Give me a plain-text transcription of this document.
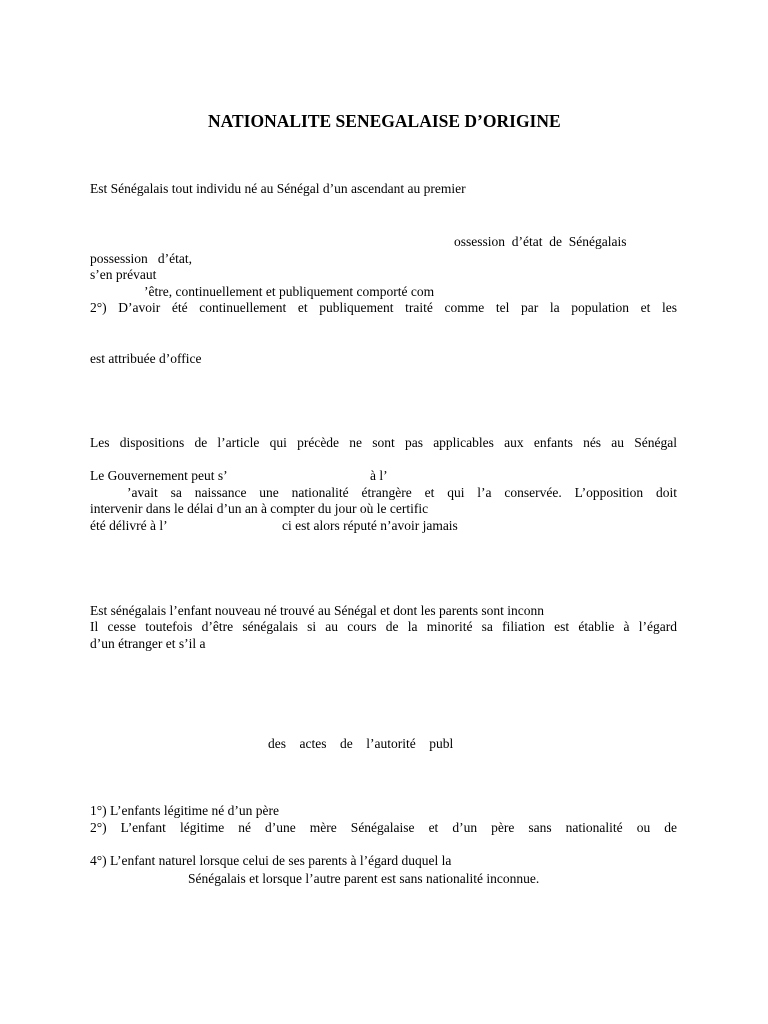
NATIONALITE SENEGALAISE D’ORIGINE
Est Sénégalais tout individu né au Sénégal d’un ascendant au premier
ossession  d’état  de  Sénégalais
possession   d’état,
s’en prévaut
’être, continuellement et publiquement comporté com
2°) D’avoir été continuellement et publiquement traité comme tel par la population et les
est attribuée d’office
Les dispositions de l’article qui précède ne sont pas applicables aux enfants nés au Sénégal
Le Gouvernement peut s’	à l’
’avait sa naissance une nationalité étrangère et qui l’a conservée. L’opposition doit
intervenir dans le délai d’un an à compter du jour où le certific
été délivré à l’	ci est alors réputé n’avoir jamais
Est sénégalais l’enfant nouveau né trouvé au Sénégal et dont les parents sont inconn
Il cesse toutefois d’être sénégalais si au cours de la minorité sa filiation est établie à l’égard
d’un étranger et s’il a
des    actes    de    l’autorité    publ
1°) L’enfants légitime né d’un père
2°) L’enfant légitime né d’une mère Sénégalaise et d’un père sans nationalité ou de
4°) L’enfant naturel lorsque celui de ses parents à l’égard duquel la
Sénégalais et lorsque l’autre parent est sans nationalité inconnue.
